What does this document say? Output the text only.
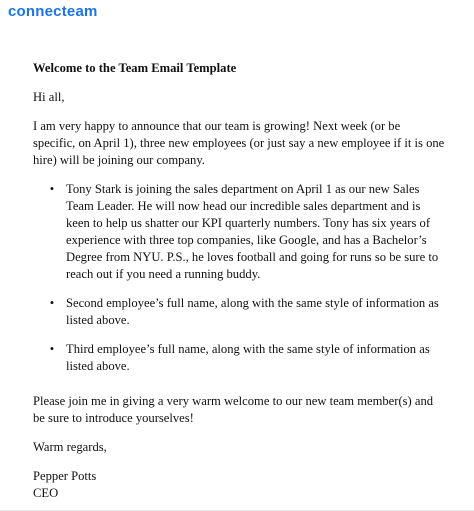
connecteam
Welcome to the Team Email Template
Hi all,
I am very happy to announce that our team is growing! Next week (or be specific, on April 1), three new employees (or just say a new employee if it is one hire) will be joining our company.
• Tony Stark is joining the sales department on April 1 as our new Sales Team Leader. He will now head our incredible sales department and is keen to help us shatter our KPI quarterly numbers. Tony has six years of experience with three top companies, like Google, and has a Bachelor’s Degree from NYU. P.S., he loves football and going for runs so be sure to reach out if you need a running buddy.
• Second employee’s full name, along with the same style of information as listed above.
• Third employee’s full name, along with the same style of information as listed above.
Please join me in giving a very warm welcome to our new team member(s) and be sure to introduce yourselves!
Warm regards,
Pepper Potts
CEO
